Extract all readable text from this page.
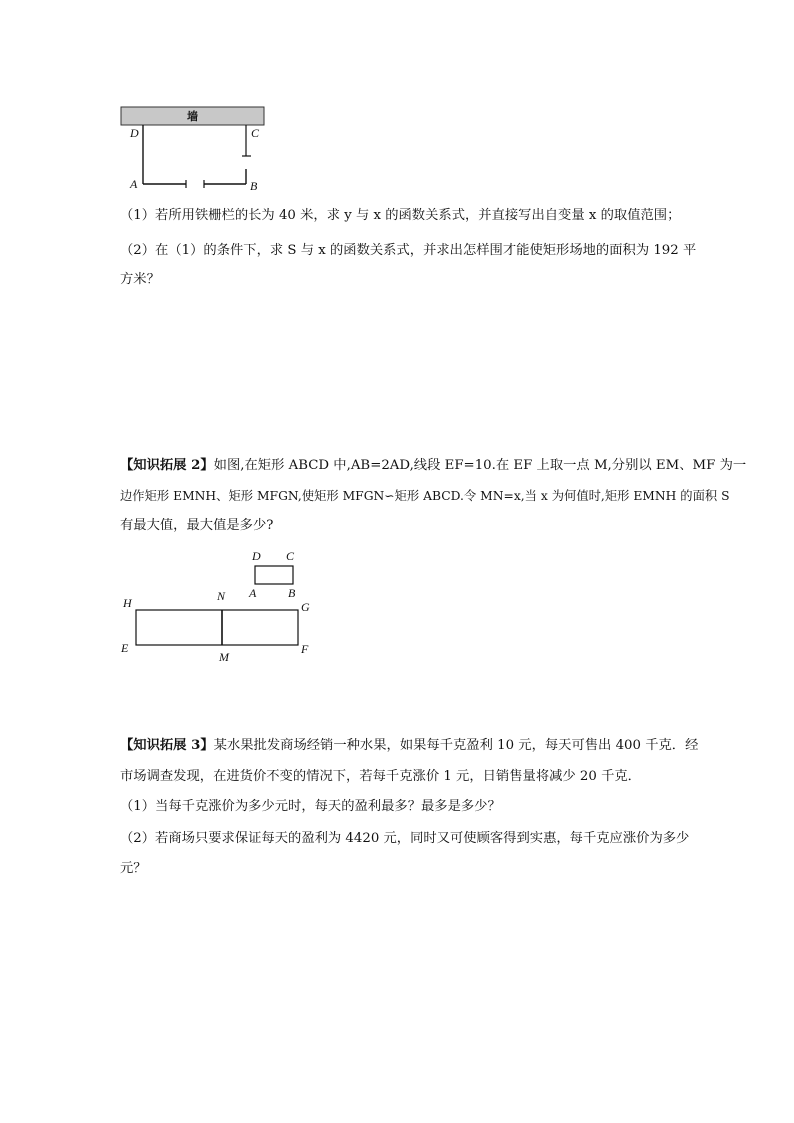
墙
D	C
A	B
（1）若所用铁栅栏的长为 40 米，求 y 与 x 的函数关系式，并直接写出自变量 x 的取值范围；
（2）在（1）的条件下，求 S 与 x 的函数关系式，并求出怎样围才能使矩形场地的面积为 192 平
方米？
【知识拓展 2】如图,在矩形 ABCD 中,AB=2AD,线段 EF=10.在 EF 上取一点 M,分别以 EM、MF 为一
边作矩形 EMNH、矩形 MFGN,使矩形 MFGN∽矩形 ABCD.令 MN=x,当 x 为何值时,矩形 EMNH 的面积 S
有最大值，最大值是多少?
D C
A	B
H	N
G
E
M
F
【知识拓展 3】某水果批发商场经销一种水果，如果每千克盈利 10 元，每天可售出 400 千克．经
市场调查发现，在进货价不变的情况下，若每千克涨价 1 元，日销售量将减少 20 千克．
（1）当每千克涨价为多少元时，每天的盈利最多？最多是多少？
（2）若商场只要求保证每天的盈利为 4420 元，同时又可使顾客得到实惠，每千克应涨价为多少
元？
